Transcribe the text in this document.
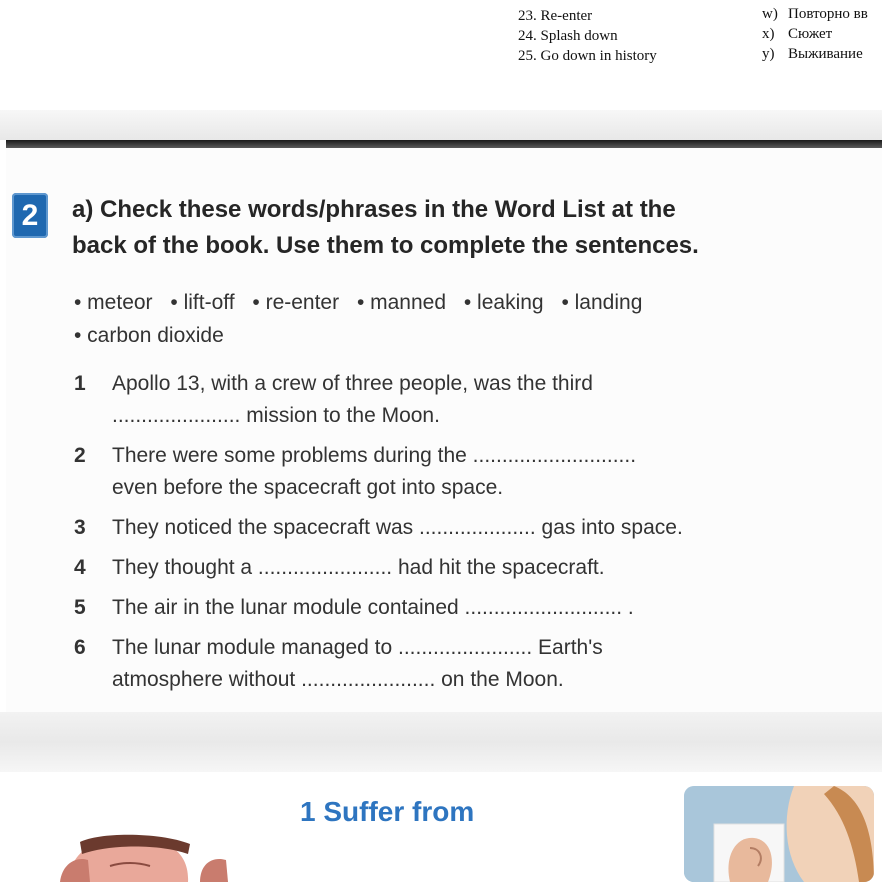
23. Re-enter
24. Splash down
25. Go down in history
w) Повторно вв
x) Сюжет
y) Выживание
2	a) Check these words/phrases in the Word List at the
back of the book. Use them to complete the sentences.
• meteor • lift-off • re-enter • manned • leaking • landing
• carbon dioxide
1 Apollo 13, with a crew of three people, was the third
...................... mission to the Moon.
2 There were some problems during the ............................
even before the spacecraft got into space.
3 They noticed the spacecraft was .................... gas into space.
4 They thought a ....................... had hit the spacecraft.
5 The air in the lunar module contained ........................... .
6 The lunar module managed to ....................... Earth's
atmosphere without ....................... on the Moon.
1 Suffer from
